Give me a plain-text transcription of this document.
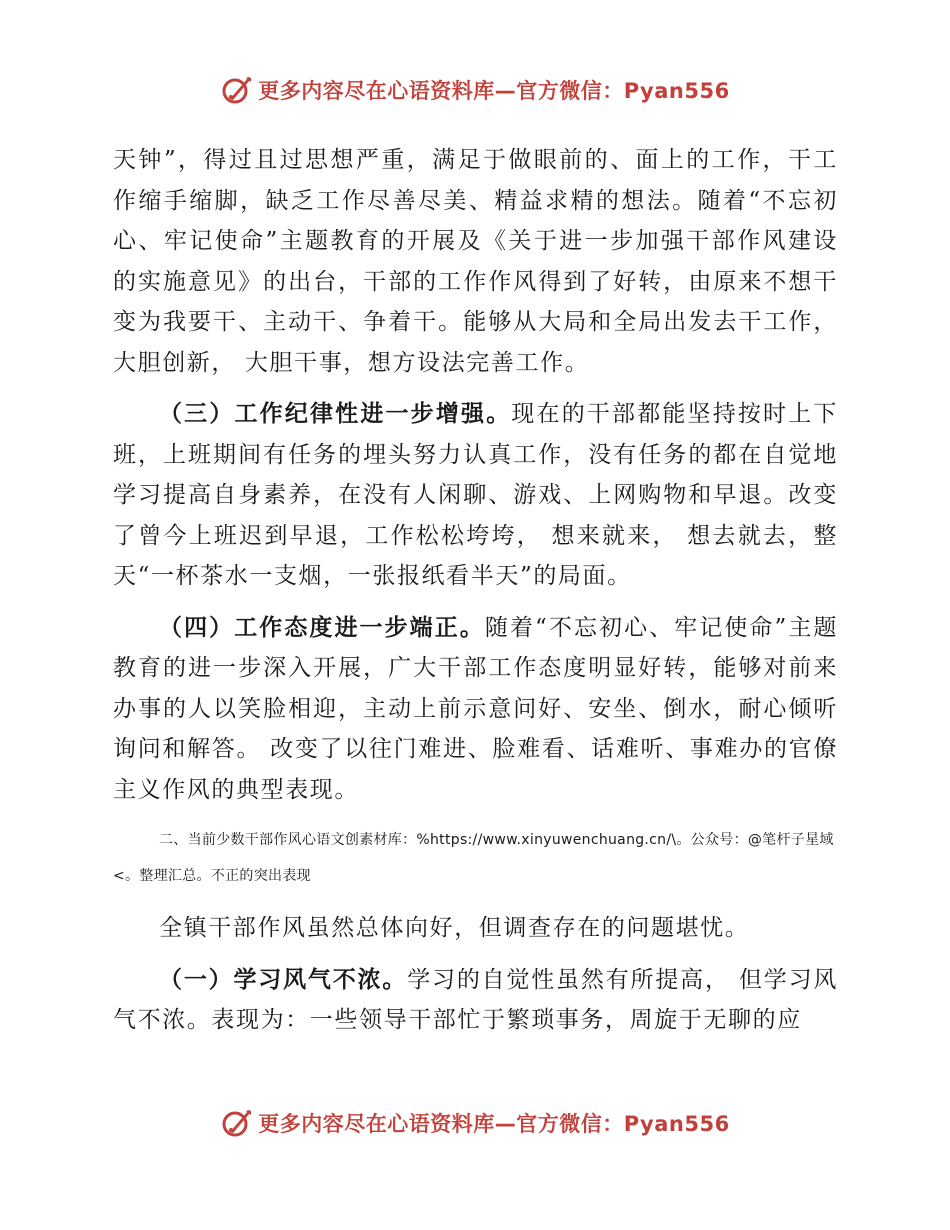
更多内容尽在心语资料库—官方微信：Pyan556

天钟”，得过且过思想严重，满足于做眼前的、面上的工作，干工作缩手缩脚，缺乏工作尽善尽美、精益求精的想法。随着“不忘初心、牢记使命”主题教育的开展及《关于进一步加强干部作风建设的实施意见》的出台，干部的工作作风得到了好转，由原来不想干变为我要干、主动干、争着干。能够从大局和全局出发去干工作，大胆创新， 大胆干事，想方设法完善工作。

（三）工作纪律性进一步增强。现在的干部都能坚持按时上下班，上班期间有任务的埋头努力认真工作，没有任务的都在自觉地学习提高自身素养，在没有人闲聊、游戏、上网购物和早退。改变了曾今上班迟到早退，工作松松垮垮， 想来就来， 想去就去，整天“一杯茶水一支烟，一张报纸看半天”的局面。

（四）工作态度进一步端正。随着“不忘初心、牢记使命”主题教育的进一步深入开展，广大干部工作态度明显好转，能够对前来办事的人以笑脸相迎，主动上前示意问好、安坐、倒水，耐心倾听询问和解答。 改变了以往门难进、脸难看、话难听、事难办的官僚主义作风的典型表现。

二、当前少数干部作风心语文创素材库：%https://www.xinyuwenchuang.cn/\。公众号：@笔杆子星域<。整理汇总。不正的突出表现

全镇干部作风虽然总体向好，但调查存在的问题堪忧。

（一）学习风气不浓。学习的自觉性虽然有所提高， 但学习风气不浓。表现为：一些领导干部忙于繁琐事务，周旋于无聊的应

更多内容尽在心语资料库—官方微信：Pyan556
